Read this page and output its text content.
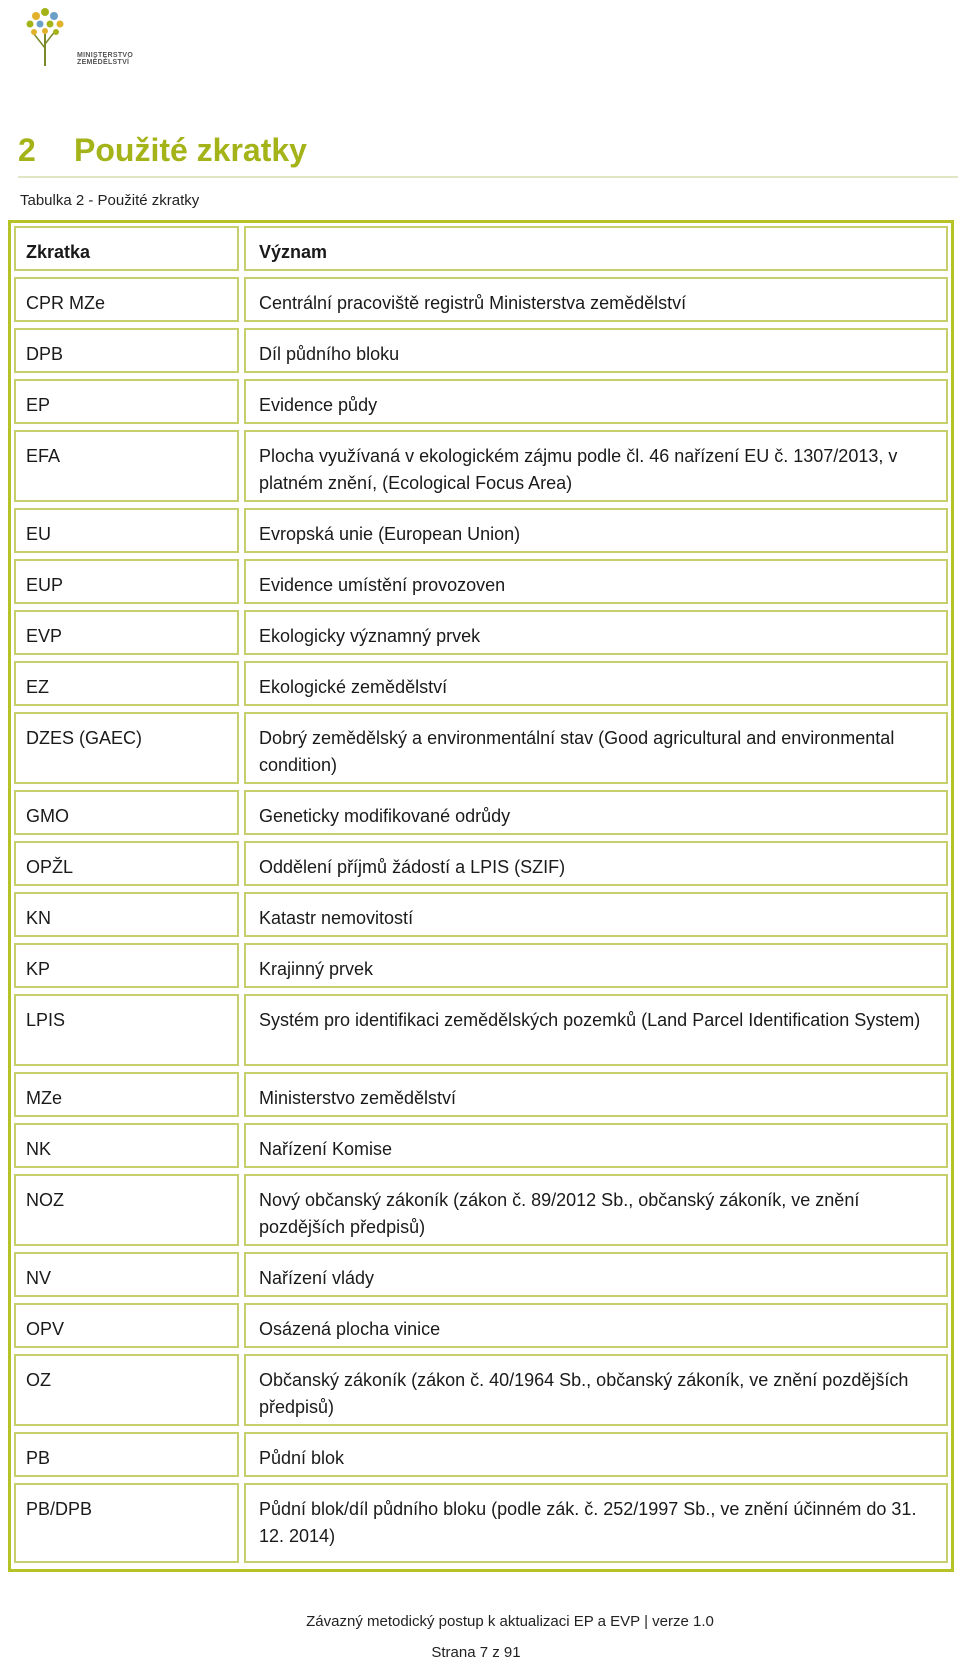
MINISTERSTVO ZEMĚDĚLSTVÍ
2 Použité zkratky
Tabulka 2 - Použité zkratky
Zkratka	Význam
CPR MZe	Centrální pracoviště registrů Ministerstva zemědělství
DPB	Díl půdního bloku
EP	Evidence půdy
EFA	Plocha využívaná v ekologickém zájmu podle čl. 46 nařízení EU č. 1307/2013, v platném znění, (Ecological Focus Area)
EU	Evropská unie (European Union)
EUP	Evidence umístění provozoven
EVP	Ekologicky významný prvek
EZ	Ekologické zemědělství
DZES (GAEC)	Dobrý zemědělský a environmentální stav (Good agricultural and environmental condition)
GMO	Geneticky modifikované odrůdy
OPŽL	Oddělení příjmů žádostí a LPIS (SZIF)
KN	Katastr nemovitostí
KP	Krajinný prvek
LPIS	Systém pro identifikaci zemědělských pozemků (Land Parcel Identification System)
MZe	Ministerstvo zemědělství
NK	Nařízení Komise
NOZ	Nový občanský zákoník (zákon č. 89/2012 Sb., občanský zákoník, ve znění pozdějších předpisů)
NV	Nařízení vlády
OPV	Osázená plocha vinice
OZ	Občanský zákoník (zákon č. 40/1964 Sb., občanský zákoník, ve znění pozdějších předpisů)
PB	Půdní blok
PB/DPB	Půdní blok/díl půdního bloku (podle zák. č. 252/1997 Sb., ve znění účinném do 31. 12. 2014)
Závazný metodický postup k aktualizaci EP a EVP | verze 1.0
Strana 7 z 91
